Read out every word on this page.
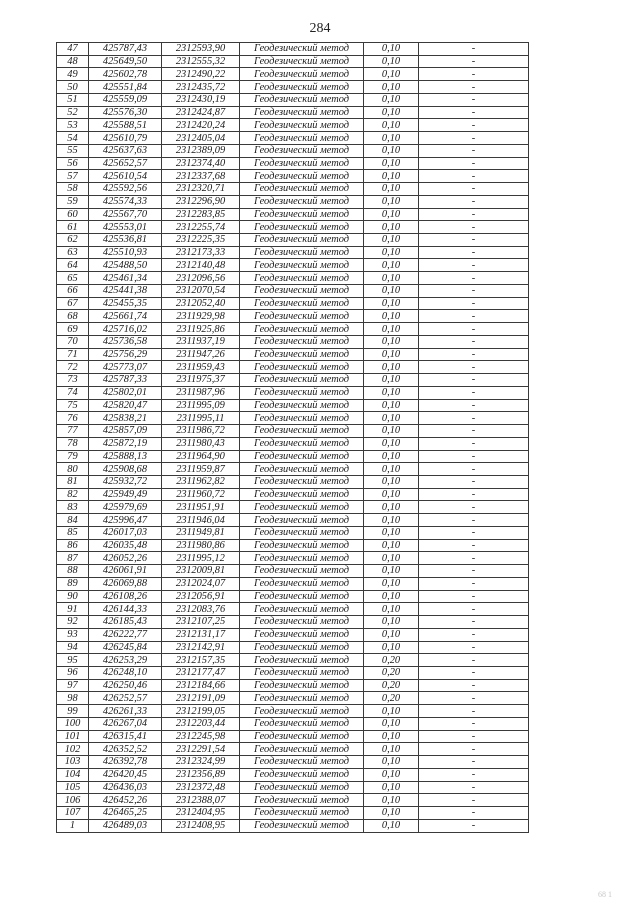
284
47	425787,43	2312593,90	Геодезический метод	0,10	-
48	425649,50	2312555,32	Геодезический метод	0,10	-
49	425602,78	2312490,22	Геодезический метод	0,10	-
50	425551,84	2312435,72	Геодезический метод	0,10	-
51	425559,09	2312430,19	Геодезический метод	0,10	-
52	425576,30	2312424,87	Геодезический метод	0,10	-
53	425588,51	2312420,24	Геодезический метод	0,10	-
54	425610,79	2312405,04	Геодезический метод	0,10	-
55	425637,63	2312389,09	Геодезический метод	0,10	-
56	425652,57	2312374,40	Геодезический метод	0,10	-
57	425610,54	2312337,68	Геодезический метод	0,10	-
58	425592,56	2312320,71	Геодезический метод	0,10	-
59	425574,33	2312296,90	Геодезический метод	0,10	-
60	425567,70	2312283,85	Геодезический метод	0,10	-
61	425553,01	2312255,74	Геодезический метод	0,10	-
62	425536,81	2312225,35	Геодезический метод	0,10	-
63	425510,93	2312173,33	Геодезический метод	0,10	-
64	425488,50	2312140,48	Геодезический метод	0,10	-
65	425461,34	2312096,56	Геодезический метод	0,10	-
66	425441,38	2312070,54	Геодезический метод	0,10	-
67	425455,35	2312052,40	Геодезический метод	0,10	-
68	425661,74	2311929,98	Геодезический метод	0,10	-
69	425716,02	2311925,86	Геодезический метод	0,10	-
70	425736,58	2311937,19	Геодезический метод	0,10	-
71	425756,29	2311947,26	Геодезический метод	0,10	-
72	425773,07	2311959,43	Геодезический метод	0,10	-
73	425787,33	2311975,37	Геодезический метод	0,10	-
74	425802,01	2311987,96	Геодезический метод	0,10	-
75	425820,47	2311995,09	Геодезический метод	0,10	-
76	425838,21	2311995,11	Геодезический метод	0,10	-
77	425857,09	2311986,72	Геодезический метод	0,10	-
78	425872,19	2311980,43	Геодезический метод	0,10	-
79	425888,13	2311964,90	Геодезический метод	0,10	-
80	425908,68	2311959,87	Геодезический метод	0,10	-
81	425932,72	2311962,82	Геодезический метод	0,10	-
82	425949,49	2311960,72	Геодезический метод	0,10	-
83	425979,69	2311951,91	Геодезический метод	0,10	-
84	425996,47	2311946,04	Геодезический метод	0,10	-
85	426017,03	2311949,81	Геодезический метод	0,10	-
86	426035,48	2311980,86	Геодезический метод	0,10	-
87	426052,26	2311995,12	Геодезический метод	0,10	-
88	426061,91	2312009,81	Геодезический метод	0,10	-
89	426069,88	2312024,07	Геодезический метод	0,10	-
90	426108,26	2312056,91	Геодезический метод	0,10	-
91	426144,33	2312083,76	Геодезический метод	0,10	-
92	426185,43	2312107,25	Геодезический метод	0,10	-
93	426222,77	2312131,17	Геодезический метод	0,10	-
94	426245,84	2312142,91	Геодезический метод	0,10	-
95	426253,29	2312157,35	Геодезический метод	0,20	-
96	426248,10	2312177,47	Геодезический метод	0,20	-
97	426250,46	2312184,66	Геодезический метод	0,20	-
98	426252,57	2312191,09	Геодезический метод	0,20	-
99	426261,33	2312199,05	Геодезический метод	0,10	-
100	426267,04	2312203,44	Геодезический метод	0,10	-
101	426315,41	2312245,98	Геодезический метод	0,10	-
102	426352,52	2312291,54	Геодезический метод	0,10	-
103	426392,78	2312324,99	Геодезический метод	0,10	-
104	426420,45	2312356,89	Геодезический метод	0,10	-
105	426436,03	2312372,48	Геодезический метод	0,10	-
106	426452,26	2312388,07	Геодезический метод	0,10	-
107	426465,25	2312404,95	Геодезический метод	0,10	-
1	426489,03	2312408,95	Геодезический метод	0,10	-
68 1
